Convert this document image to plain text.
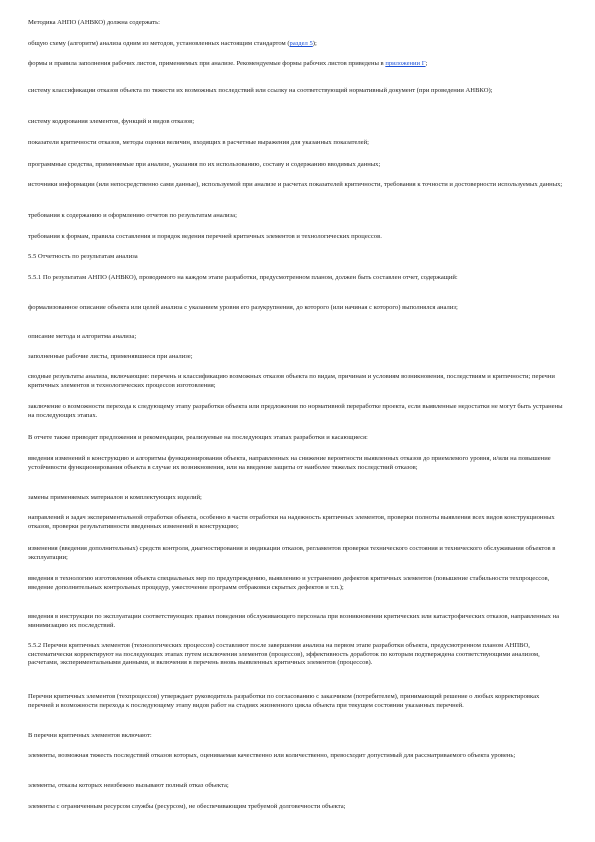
Методика АНПО (АНВКО) должна содержать:

общую схему (алгоритм) анализа одним из методов, установленных настоящим стандартом (раздел 5);

формы и правила заполнения рабочих листов, применяемых при анализе. Рекомендуемые формы рабочих листов приведены в приложении Г;

систему классификации отказов объекта по тяжести их возможных последствий или ссылку на соответствующий нормативный документ (при проведении АНВКО);

систему кодирования элементов, функций и видов отказов;

показатели критичности отказов, методы оценки величин, входящих в расчетные выражения для указанных показателей;

программные средства, применяемые при анализе, указания по их использованию, составу и содержанию вводимых данных;

источники информации (или непосредственно сами данные), используемой при анализе и расчетах показателей критичности, требования к точности и достоверности используемых данных;

требования к содержанию и оформлению отчетов по результатам анализа;

требования к формам, правила составления и порядок ведения перечней критичных элементов и технологических процессов.

5.5 Отчетность по результатам анализа

5.5.1 По результатам АНПО (АНВКО), проводимого на каждом этапе разработки, предусмотренном планом, должен быть составлен отчет, содержащий:

формализованное описание объекта или целей анализа с указанием уровня его разукрупнения, до которого (или начиная с которого) выполнялся анализ;

описание метода и алгоритма анализа;

заполненные рабочие листы, применявшиеся при анализе;

сводные результаты анализа, включающие: перечень и классификацию возможных отказов объекта по видам, причинам и условиям возникновения, последствиям и критичности; перечни критичных элементов и технологических процессов изготовления;

заключение о возможности перехода к следующему этапу разработки объекта или предложения по нормативной переработке проекта, если выявленные недостатки не могут быть устранены на последующих этапах.

В отчете также приводят предложения и рекомендации, реализуемые на последующих этапах разработки и касающиеся:

введения изменений в конструкцию и алгоритмы функционирования объекта, направленных на снижение вероятности выявленных отказов до приемлемого уровня, и/или на повышение устойчивости функционирования объекта в случае их возникновения, или на введение защиты от наиболее тяжелых последствий отказов;

замены применяемых материалов и комплектующих изделий;

направлений и задач экспериментальной отработки объекта, особенно в части отработки на надежность критичных элементов, проверки полноты выявления всех видов конструкционных отказов, проверки результативности введенных изменений в конструкцию;

изменения (введения дополнительных) средств контроля, диагностирования и индикации отказов, регламентов проверки технического состояния и технического обслуживания объектов в эксплуатации;

введения в технологию изготовления объекта специальных мер по предупреждению, выявлению и устранению дефектов критичных элементов (повышение стабильности техпроцессов, введение дополнительных контрольных процедур, ужесточение программ отбраковки скрытых дефектов и т.п.);

введения в инструкции по эксплуатации соответствующих правил поведения обслуживающего персонала при возникновении критических или катастрофических отказов, направленных на минимизацию их последствий.

5.5.2 Перечни критичных элементов (технологических процессов) составляют после завершения анализа на первом этапе разработки объекта, предусмотренном планом АНПВО, систематически корректируют на последующих этапах путем исключения элементов (процессов), эффективность доработок по которым подтверждена соответствующими анализом, расчетами, экспериментальными данными, и включения в перечень вновь выявленных критичных элементов (процессов).

Перечни критичных элементов (техпроцессов) утверждает руководитель разработки по согласованию с заказчиком (потребителем), принимающий решение о любых корректировках перечней и возможности перехода к последующему этапу видов работ на стадиях жизненного цикла объекта при текущем состоянии указанных перечней.

В перечни критичных элементов включают:

элементы, возможная тяжесть последствий отказов которых, оцениваемая качественно или количественно, превосходит допустимый для рассматриваемого объекта уровень;

элементы, отказы которых неизбежно вызывают полный отказ объекта;

элементы с ограниченным ресурсом службы (ресурсом), не обеспечивающим требуемой долговечности объекта;
